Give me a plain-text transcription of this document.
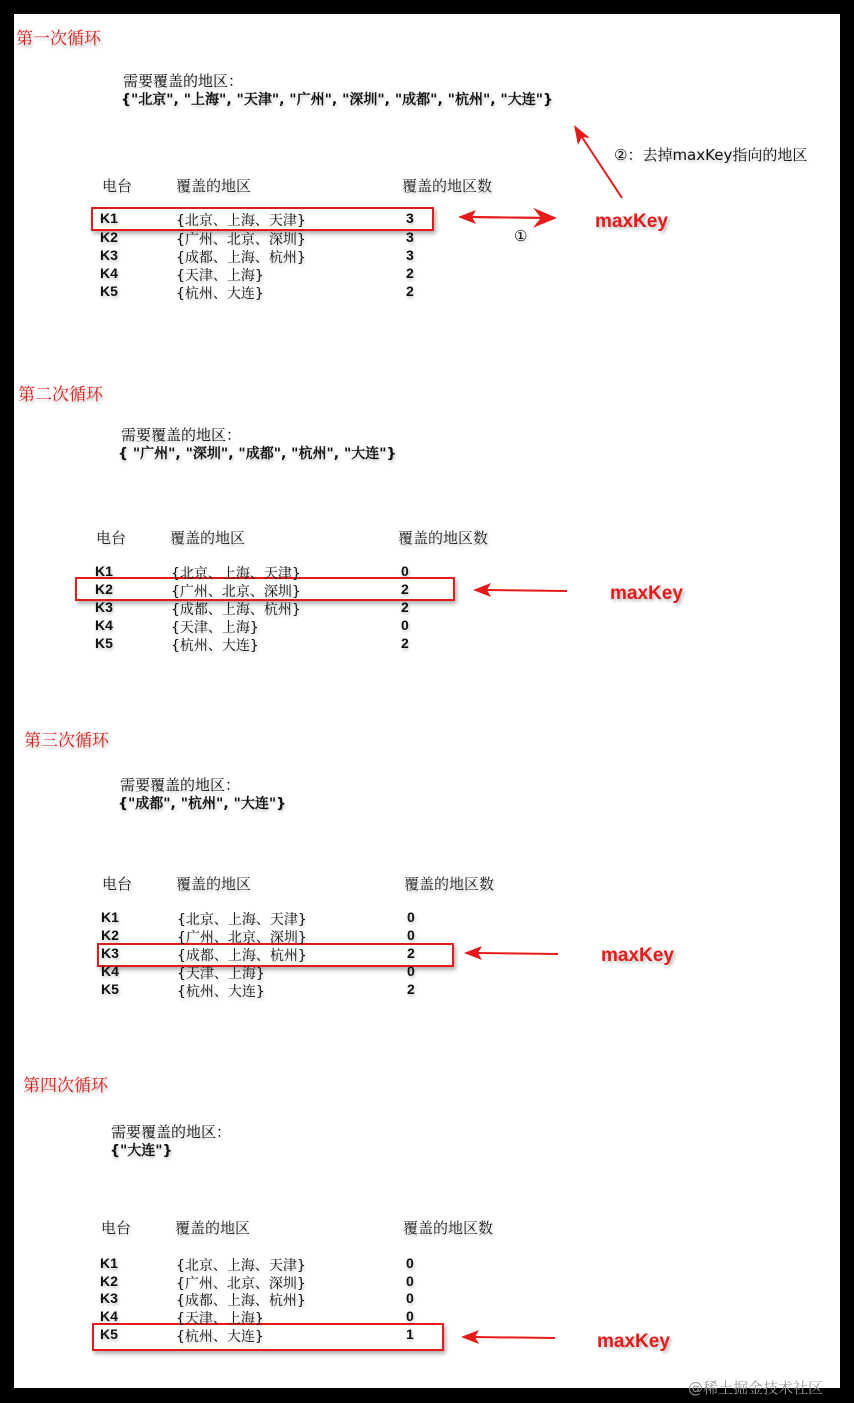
第一次循环
需要覆盖的地区：
{"北京", "上海", "天津", "广州", "深圳", "成都", "杭州", "大连"}
电台	覆盖的地区	覆盖的地区数
K1	{北京、上海、天津}	3
K2	{广州、北京、深圳}	3
K3	{成都、上海、杭州}	3
K4	{天津、上海}	2
K5	{杭州、大连}	2
maxKey
①
②：去掉maxKey指向的地区
第二次循环
需要覆盖的地区：
{ "广州", "深圳", "成都", "杭州", "大连"}
电台	覆盖的地区	覆盖的地区数
K1	{北京、上海、天津}	0
K2	{广州、北京、深圳}	2
K3	{成都、上海、杭州}	2
K4	{天津、上海}	0
K5	{杭州、大连}	2
maxKey
第三次循环
需要覆盖的地区：
{"成都", "杭州", "大连"}
电台	覆盖的地区	覆盖的地区数
K1	{北京、上海、天津}	0
K2	{广州、北京、深圳}	0
K3	{成都、上海、杭州}	2
K4	{天津、上海}	0
K5	{杭州、大连}	2
maxKey
第四次循环
需要覆盖的地区：
{"大连"}
电台	覆盖的地区	覆盖的地区数
K1	{北京、上海、天津}	0
K2	{广州、北京、深圳}	0
K3	{成都、上海、杭州}	0
K4	{天津、上海}	0
K5	{杭州、大连}	1	maxKey
@稀土掘金技术社区
